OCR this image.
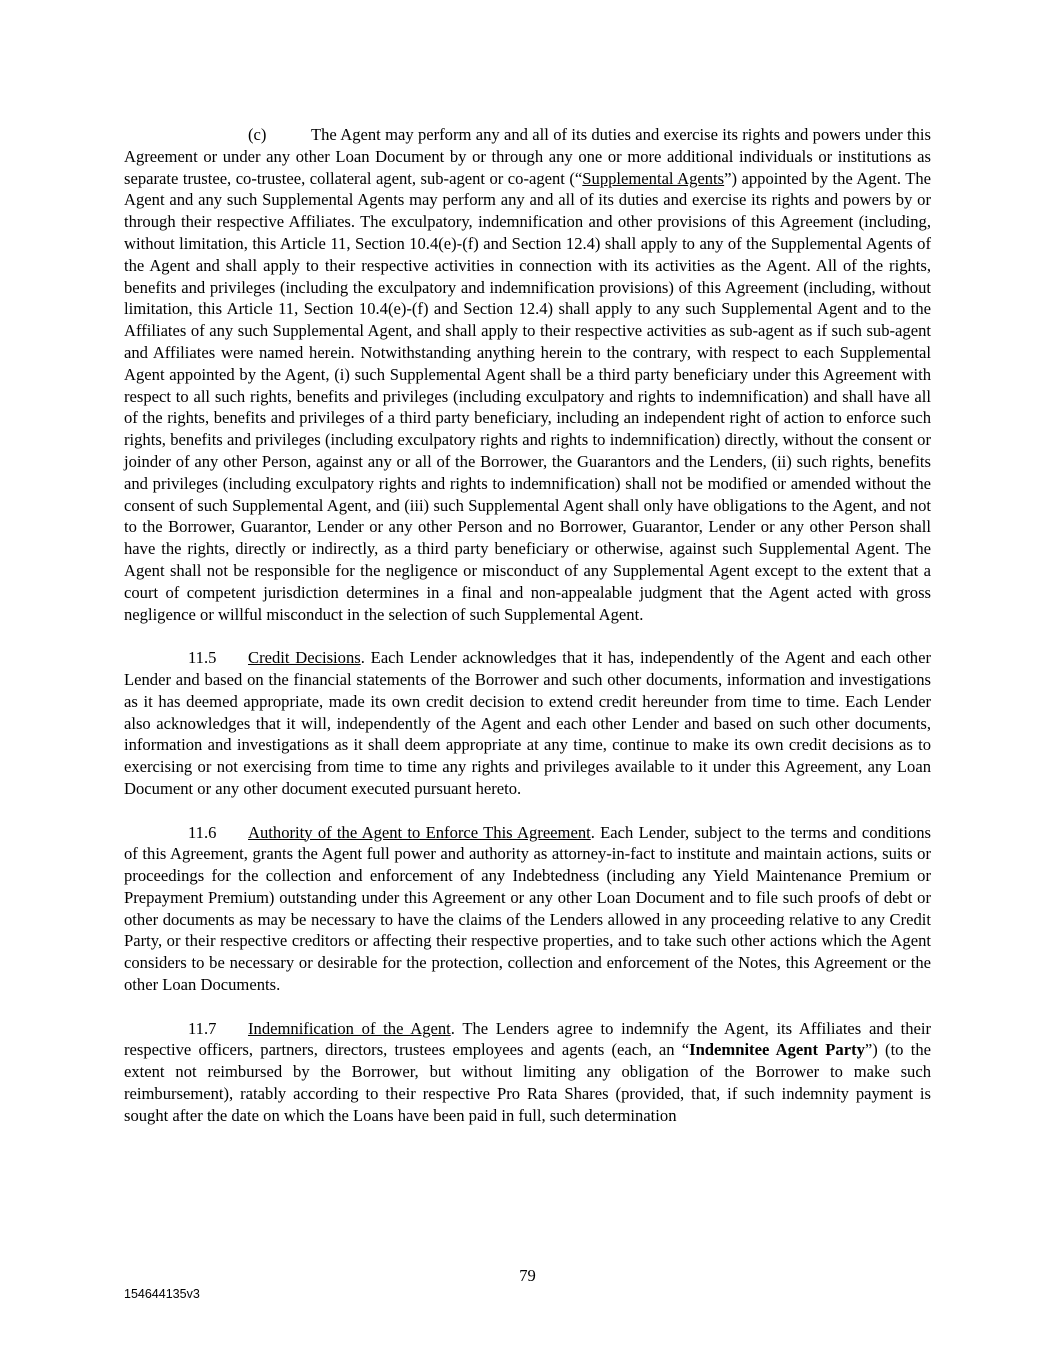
(c)	The Agent may perform any and all of its duties and exercise its rights and powers under this Agreement or under any other Loan Document by or through any one or more additional individuals or institutions as separate trustee, co-trustee, collateral agent, sub-agent or co-agent (“Supplemental Agents”) appointed by the Agent. The Agent and any such Supplemental Agents may perform any and all of its duties and exercise its rights and powers by or through their respective Affiliates. The exculpatory, indemnification and other provisions of this Agreement (including, without limitation, this Article 11, Section 10.4(e)-(f) and Section 12.4) shall apply to any of the Supplemental Agents of the Agent and shall apply to their respective activities in connection with its activities as the Agent. All of the rights, benefits and privileges (including the exculpatory and indemnification provisions) of this Agreement (including, without limitation, this Article 11, Section 10.4(e)-(f) and Section 12.4) shall apply to any such Supplemental Agent and to the Affiliates of any such Supplemental Agent, and shall apply to their respective activities as sub-agent as if such sub-agent and Affiliates were named herein. Notwithstanding anything herein to the contrary, with respect to each Supplemental Agent appointed by the Agent, (i) such Supplemental Agent shall be a third party beneficiary under this Agreement with respect to all such rights, benefits and privileges (including exculpatory and rights to indemnification) and shall have all of the rights, benefits and privileges of a third party beneficiary, including an independent right of action to enforce such rights, benefits and privileges (including exculpatory rights and rights to indemnification) directly, without the consent or joinder of any other Person, against any or all of the Borrower, the Guarantors and the Lenders, (ii) such rights, benefits and privileges (including exculpatory rights and rights to indemnification) shall not be modified or amended without the consent of such Supplemental Agent, and (iii) such Supplemental Agent shall only have obligations to the Agent, and not to the Borrower, Guarantor, Lender or any other Person and no Borrower, Guarantor, Lender or any other Person shall have the rights, directly or indirectly, as a third party beneficiary or otherwise, against such Supplemental Agent. The Agent shall not be responsible for the negligence or misconduct of any Supplemental Agent except to the extent that a court of competent jurisdiction determines in a final and non-appealable judgment that the Agent acted with gross negligence or willful misconduct in the selection of such Supplemental Agent.

11.5 Credit Decisions. Each Lender acknowledges that it has, independently of the Agent and each other Lender and based on the financial statements of the Borrower and such other documents, information and investigations as it has deemed appropriate, made its own credit decision to extend credit hereunder from time to time. Each Lender also acknowledges that it will, independently of the Agent and each other Lender and based on such other documents, information and investigations as it shall deem appropriate at any time, continue to make its own credit decisions as to exercising or not exercising from time to time any rights and privileges available to it under this Agreement, any Loan Document or any other document executed pursuant hereto.

11.6 Authority of the Agent to Enforce This Agreement. Each Lender, subject to the terms and conditions of this Agreement, grants the Agent full power and authority as attorney-in-fact to institute and maintain actions, suits or proceedings for the collection and enforcement of any Indebtedness (including any Yield Maintenance Premium or Prepayment Premium) outstanding under this Agreement or any other Loan Document and to file such proofs of debt or other documents as may be necessary to have the claims of the Lenders allowed in any proceeding relative to any Credit Party, or their respective creditors or affecting their respective properties, and to take such other actions which the Agent considers to be necessary or desirable for the protection, collection and enforcement of the Notes, this Agreement or the other Loan Documents.

11.7 Indemnification of the Agent. The Lenders agree to indemnify the Agent, its Affiliates and their respective officers, partners, directors, trustees employees and agents (each, an “Indemnitee Agent Party”) (to the extent not reimbursed by the Borrower, but without limiting any obligation of the Borrower to make such reimbursement), ratably according to their respective Pro Rata Shares (provided, that, if such indemnity payment is sought after the date on which the Loans have been paid in full, such determination

79
154644135v3
